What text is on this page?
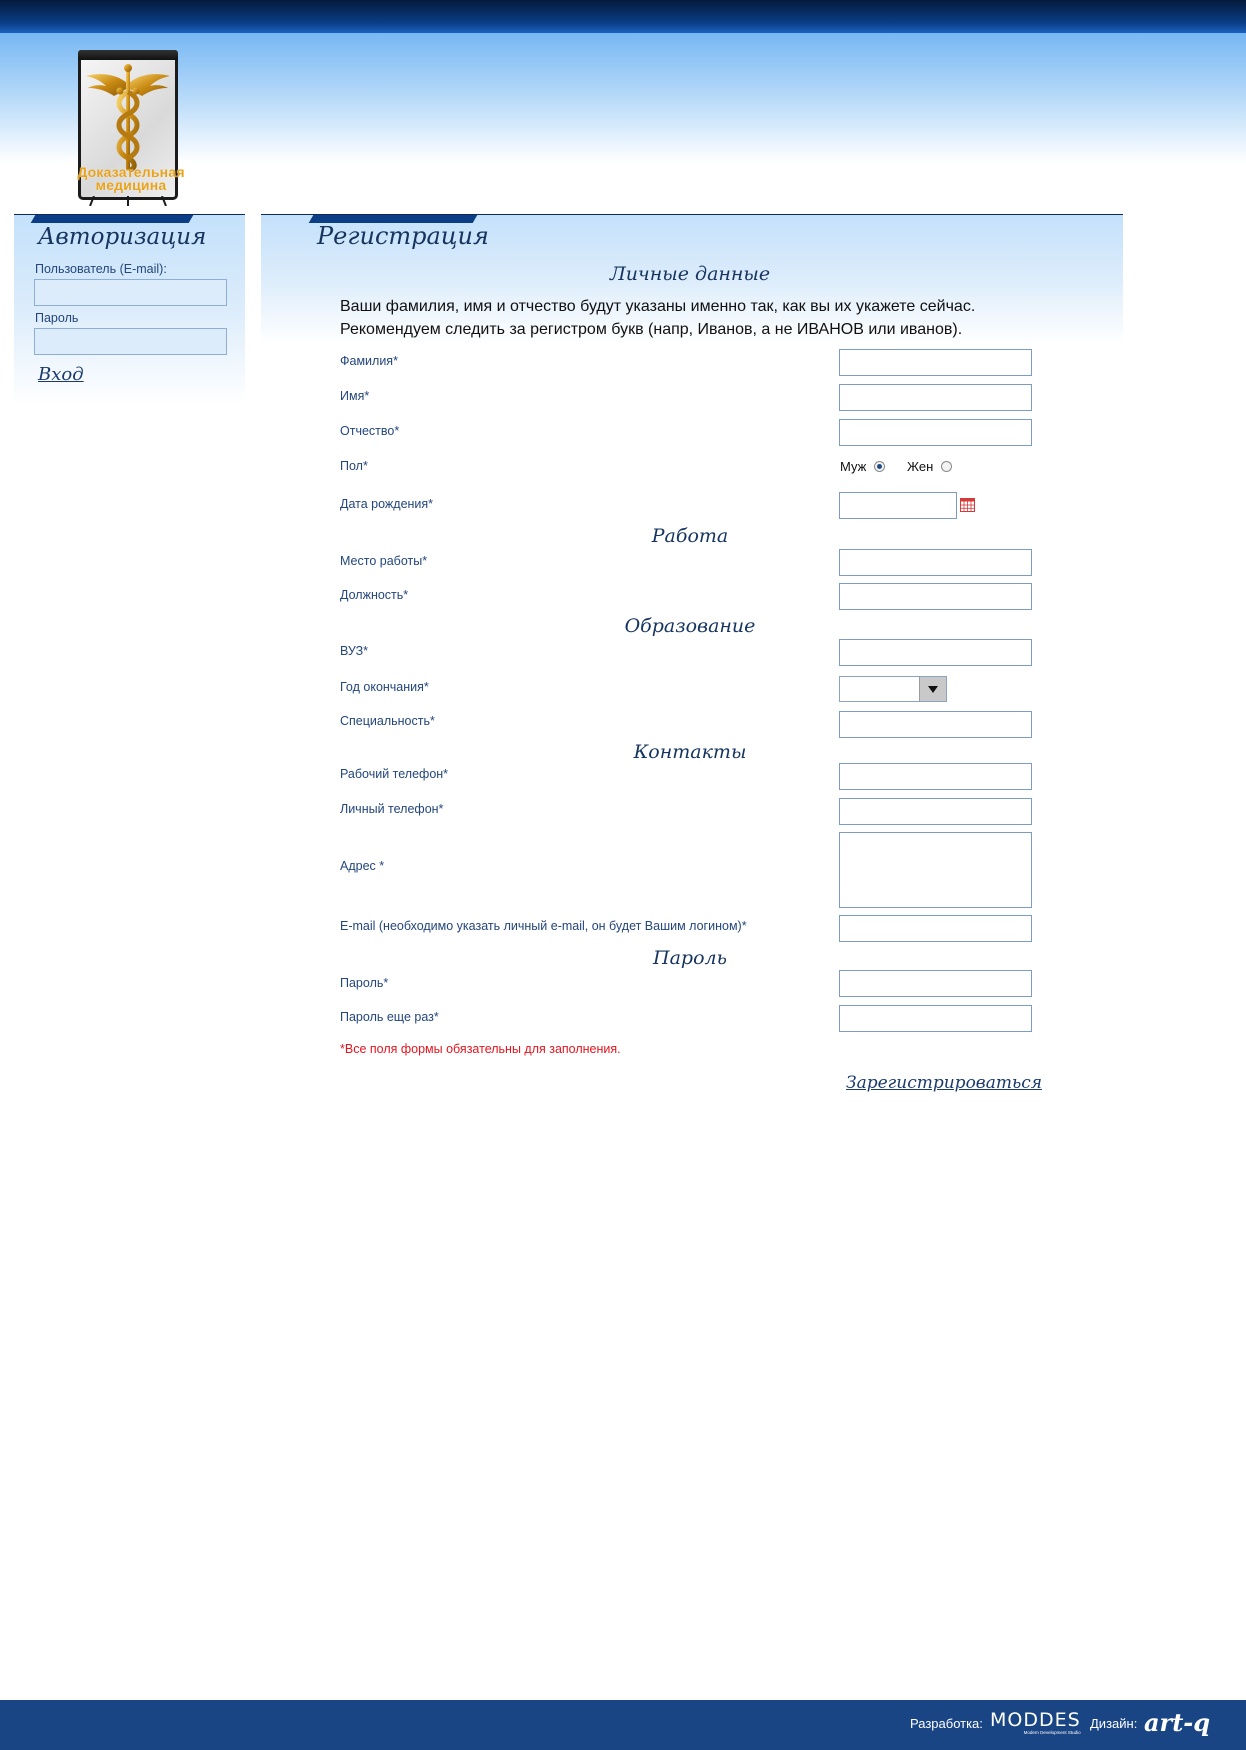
Доказательная медицина
Авторизация
Пользователь (E-mail):
Пароль
Вход
Регистрация
Личные данные
Ваши фамилия, имя и отчество будут указаны именно так, как вы их укажете сейчас.
Рекомендуем следить за регистром букв (напр, Иванов, а не ИВАНОВ или иванов).
Фамилия*
Имя*
Отчество*
Пол*	Муж	Жен
Дата рождения*
Работа
Место работы*
Должность*
Образование
ВУЗ*
Год окончания*
Специальность*
Контакты
Рабочий телефон*
Личный телефон*
Адрес *
E-mail (необходимо указать личный e-mail, он будет Вашим логином)*
Пароль
Пароль*
Пароль еще раз*
*Все поля формы обязательны для заполнения.
Зарегистрироваться
Разработка: MODDES
Modern Development Studio
Дизайн: art-q
